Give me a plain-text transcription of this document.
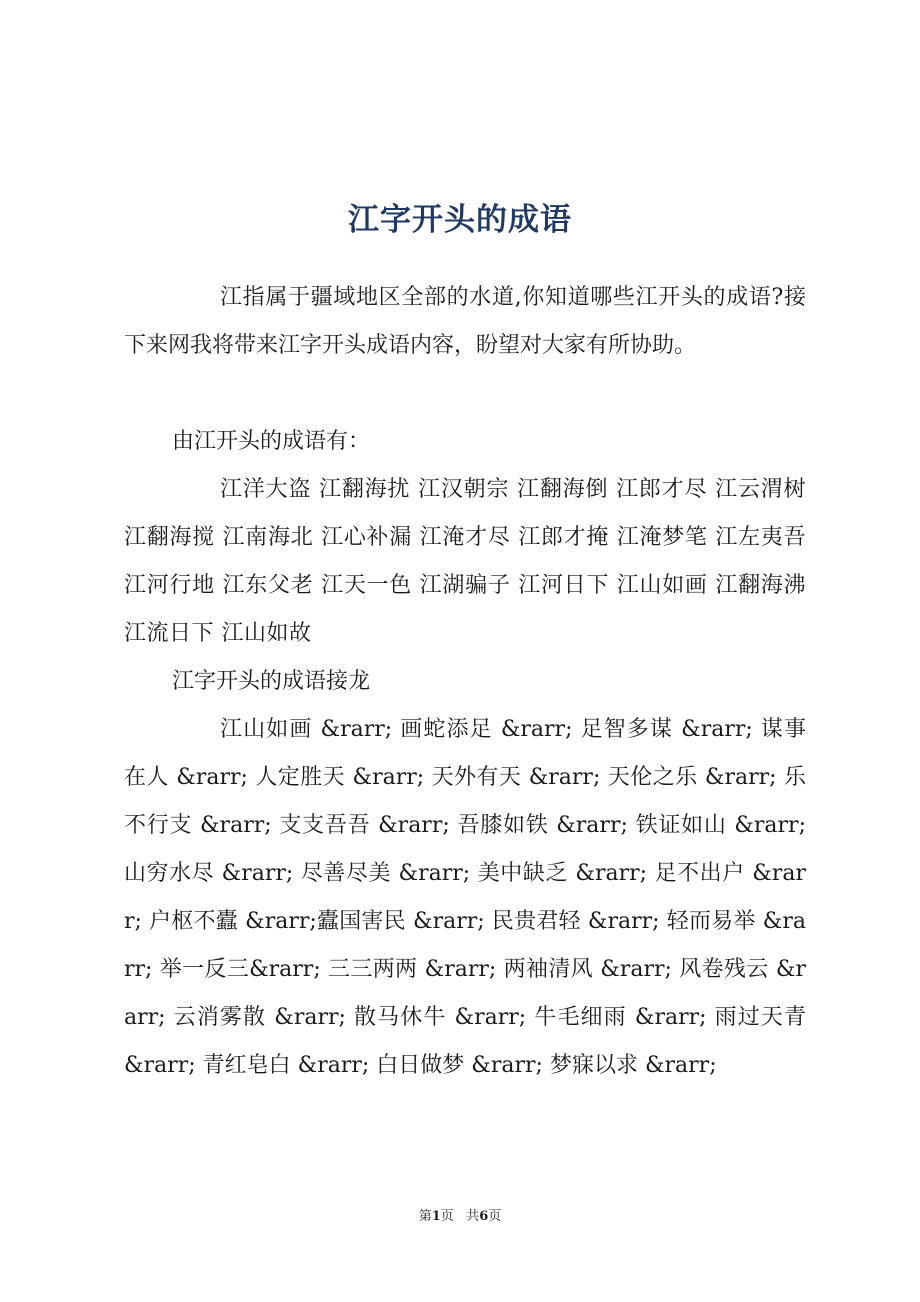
江字开头的成语

江指属于疆域地区全部的水道,你知道哪些江开头的成语?接下来网我将带来江字开头成语内容，盼望对大家有所协助。

由江开头的成语有：

江洋大盗 江翻海扰 江汉朝宗 江翻海倒 江郎才尽 江云渭树 江翻海搅 江南海北 江心补漏 江淹才尽 江郎才掩 江淹梦笔 江左夷吾 江河行地 江东父老 江天一色 江湖骗子 江河日下 江山如画 江翻海沸 江流日下 江山如故

江字开头的成语接龙

江山如画 &rarr; 画蛇添足 &rarr; 足智多谋 &rarr; 谋事在人 &rarr; 人定胜天 &rarr; 天外有天 &rarr; 天伦之乐 &rarr; 乐不行支 &rarr; 支支吾吾 &rarr; 吾膝如铁 &rarr; 铁证如山 &rarr; 山穷水尽 &rarr; 尽善尽美 &rarr; 美中缺乏 &rarr; 足不出户 &rarr; 户枢不蠹 &rarr;蠹国害民 &rarr; 民贵君轻 &rarr; 轻而易举 &rarr; 举一反三&rarr; 三三两两 &rarr; 两袖清风 &rarr; 风卷残云 &rarr; 云消雾散 &rarr; 散马休牛 &rarr; 牛毛细雨 &rarr; 雨过天青 &rarr; 青红皂白 &rarr; 白日做梦 &rarr; 梦寐以求 &rarr;

第1页 共6页
